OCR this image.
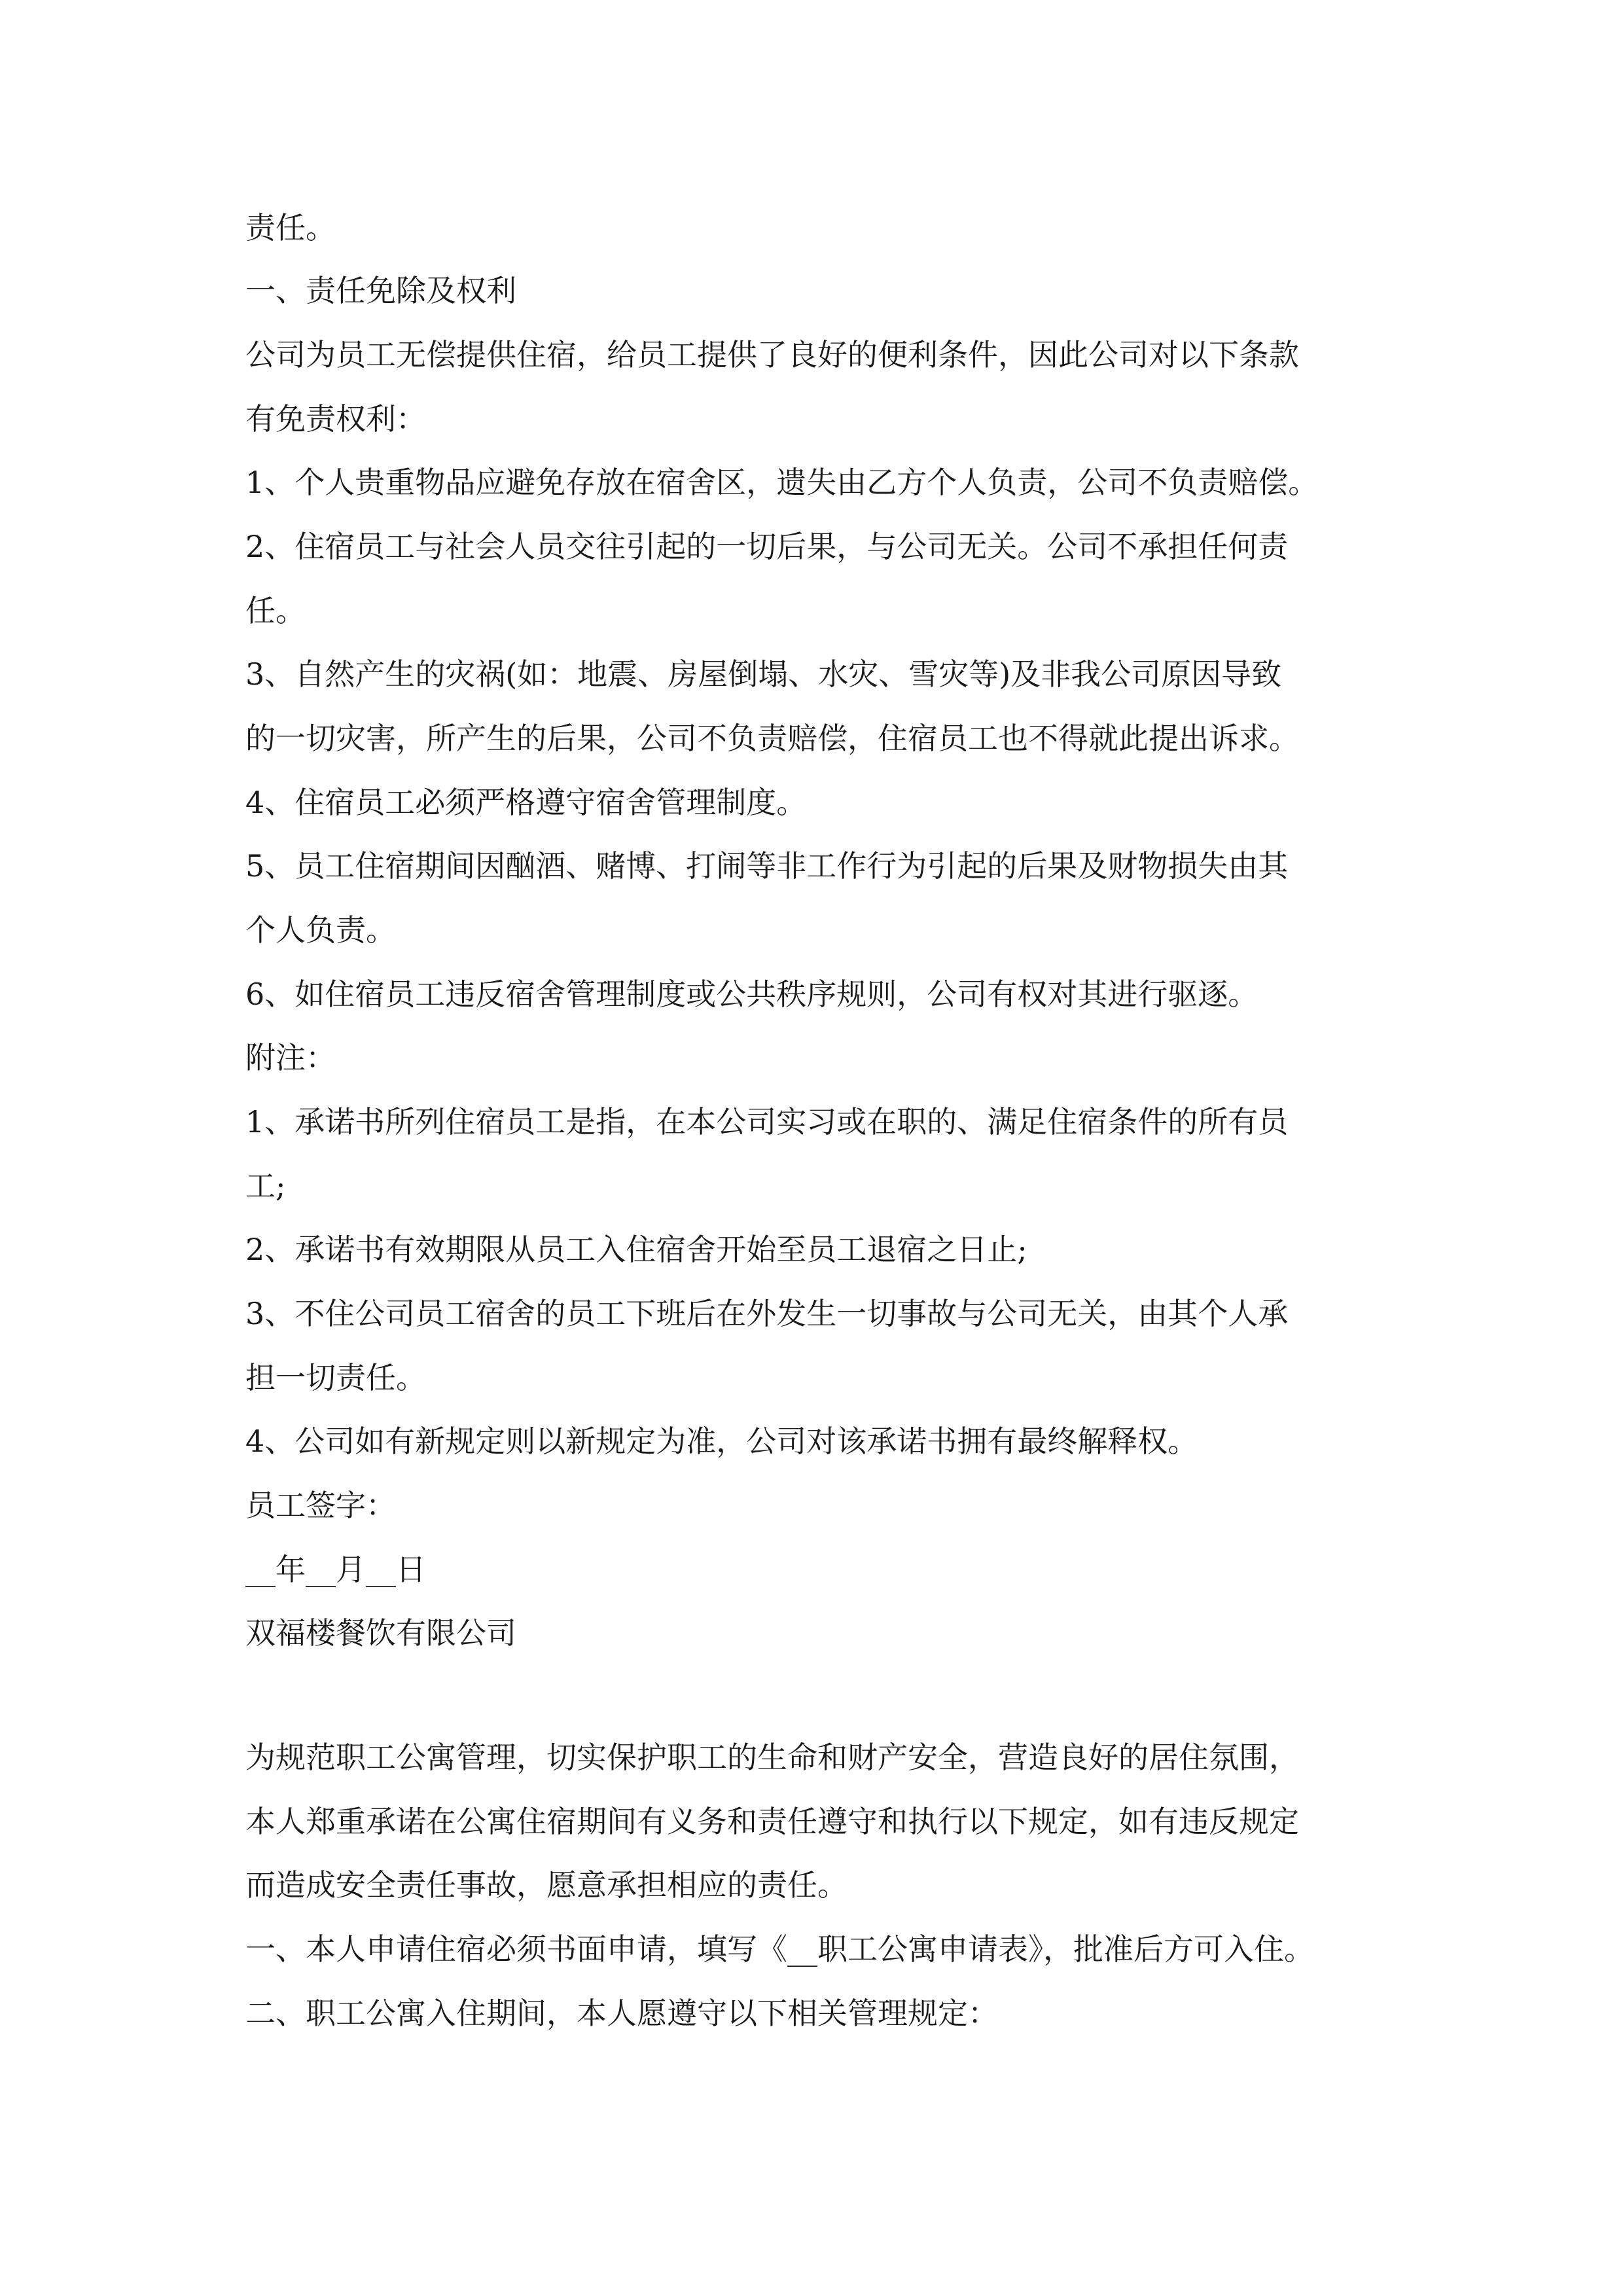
责任。

一、责任免除及权利

公司为员工无偿提供住宿，给员工提供了良好的便利条件，因此公司对以下条款

有免责权利：

1、个人贵重物品应避免存放在宿舍区，遗失由乙方个人负责，公司不负责赔偿。

2、住宿员工与社会人员交往引起的一切后果，与公司无关。公司不承担任何责

任。

3、自然产生的灾祸(如：地震、房屋倒塌、水灾、雪灾等)及非我公司原因导致

的一切灾害，所产生的后果，公司不负责赔偿，住宿员工也不得就此提出诉求。

4、住宿员工必须严格遵守宿舍管理制度。

5、员工住宿期间因酗酒、赌博、打闹等非工作行为引起的后果及财物损失由其

个人负责。

6、如住宿员工违反宿舍管理制度或公共秩序规则，公司有权对其进行驱逐。

附注：

1、承诺书所列住宿员工是指，在本公司实习或在职的、满足住宿条件的所有员

工;

2、承诺书有效期限从员工入住宿舍开始至员工退宿之日止;

3、不住公司员工宿舍的员工下班后在外发生一切事故与公司无关，由其个人承

担一切责任。

4、公司如有新规定则以新规定为准，公司对该承诺书拥有最终解释权。

员工签字：

__年__月__日

双福楼餐饮有限公司

为规范职工公寓管理，切实保护职工的生命和财产安全，营造良好的居住氛围，

本人郑重承诺在公寓住宿期间有义务和责任遵守和执行以下规定，如有违反规定

而造成安全责任事故，愿意承担相应的责任。

一、本人申请住宿必须书面申请，填写《__职工公寓申请表》，批准后方可入住。

二、职工公寓入住期间，本人愿遵守以下相关管理规定：
